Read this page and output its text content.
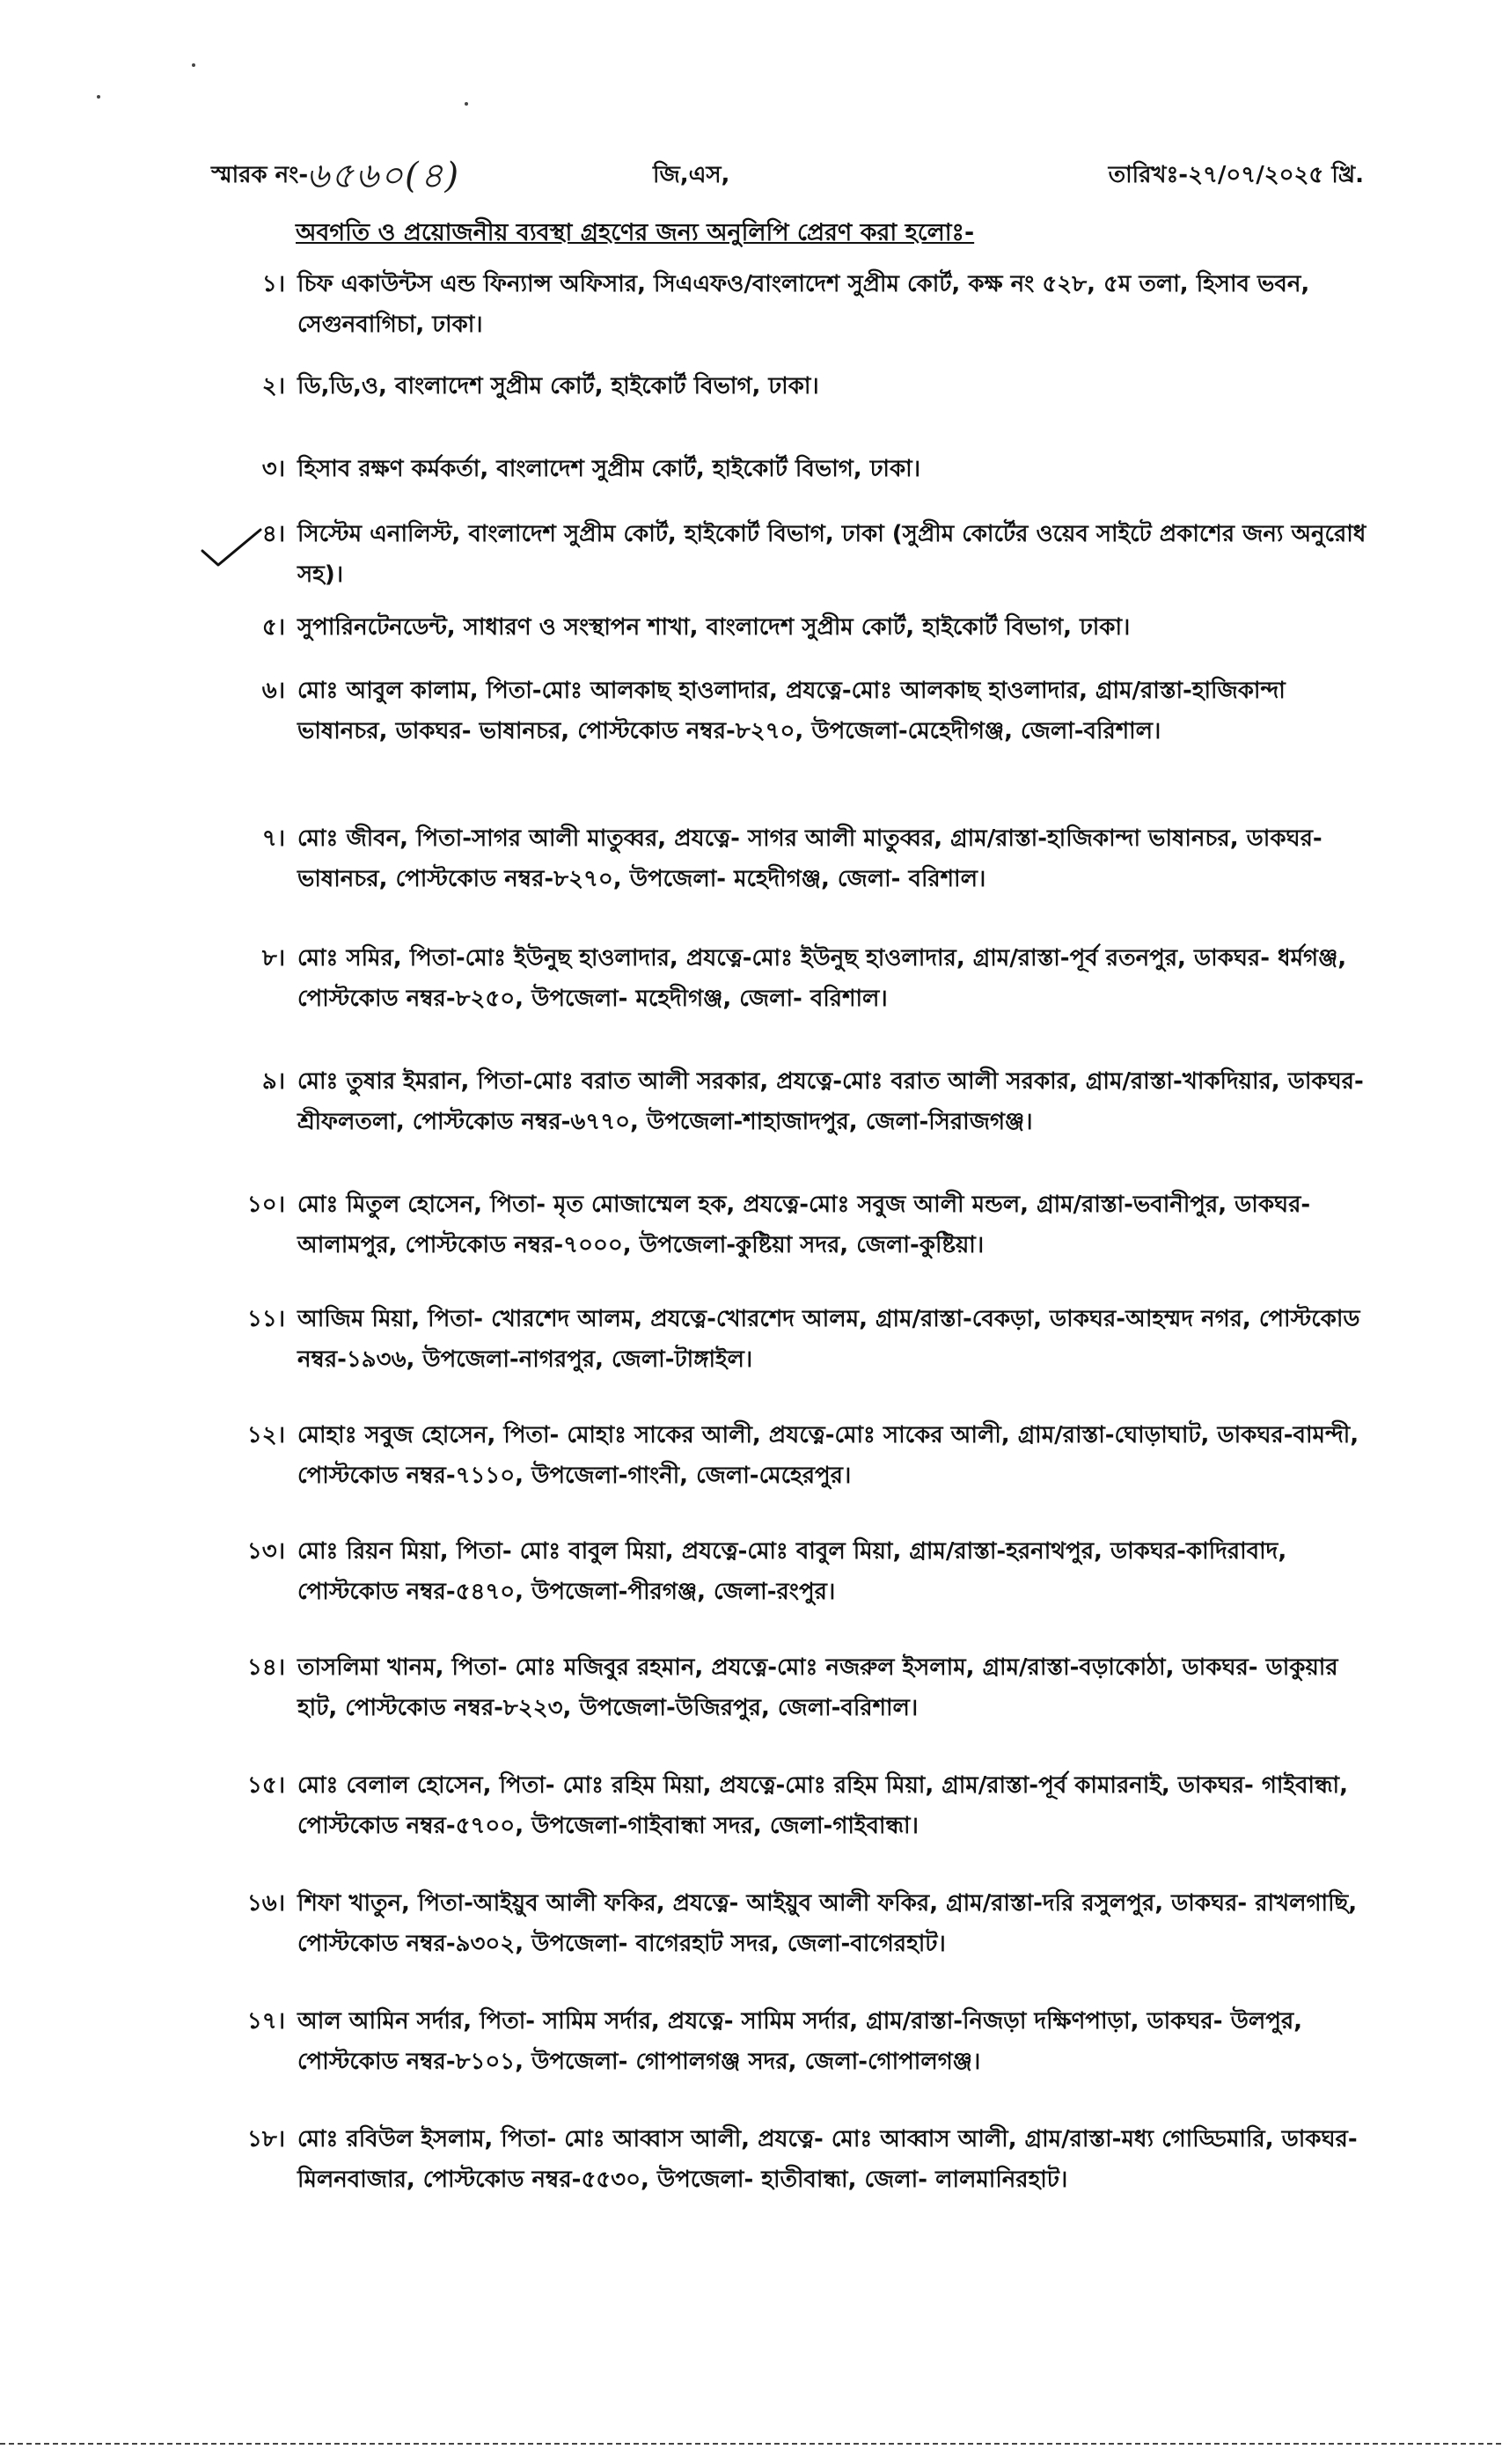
স্মারক নং-
৬৫৬০(৪)	জি,এস,	তারিখঃ-২৭/০৭/২০২৫ খ্রি.
অবগতি ও প্রয়োজনীয় ব্যবস্থা গ্রহণের জন্য অনুলিপি প্রেরণ করা হলোঃ-
১। চিফ একাউন্টস এন্ড ফিন্যান্স অফিসার, সিএএফও/বাংলাদেশ সুপ্রীম কোর্ট, কক্ষ নং ৫২৮, ৫ম তলা, হিসাব ভবন, সেগুনবাগিচা, ঢাকা।
২। ডি,ডি,ও, বাংলাদেশ সুপ্রীম কোর্ট, হাইকোর্ট বিভাগ, ঢাকা।
৩। হিসাব রক্ষণ কর্মকর্তা, বাংলাদেশ সুপ্রীম কোর্ট, হাইকোর্ট বিভাগ, ঢাকা।
৪। সিস্টেম এনালিস্ট, বাংলাদেশ সুপ্রীম কোর্ট, হাইকোর্ট বিভাগ, ঢাকা (সুপ্রীম কোর্টের ওয়েব সাইটে প্রকাশের জন্য অনুরোধ সহ)।
৫। সুপারিনটেনডেন্ট, সাধারণ ও সংস্থাপন শাখা, বাংলাদেশ সুপ্রীম কোর্ট, হাইকোর্ট বিভাগ, ঢাকা।
৬। মোঃ আবুল কালাম, পিতা-মোঃ আলকাছ হাওলাদার, প্রযত্নে-মোঃ আলকাছ হাওলাদার, গ্রাম/রাস্তা-হাজিকান্দা ভাষানচর, ডাকঘর- ভাষানচর, পোস্টকোড নম্বর-৮২৭০, উপজেলা-মেহেদীগঞ্জ, জেলা-বরিশাল।
৭। মোঃ জীবন, পিতা-সাগর আলী মাতুব্বর, প্রযত্নে- সাগর আলী মাতুব্বর, গ্রাম/রাস্তা-হাজিকান্দা ভাষানচর, ডাকঘর- ভাষানচর, পোস্টকোড নম্বর-৮২৭০, উপজেলা- মহেদীগঞ্জ, জেলা- বরিশাল।
৮। মোঃ সমির, পিতা-মোঃ ইউনুছ হাওলাদার, প্রযত্নে-মোঃ ইউনুছ হাওলাদার, গ্রাম/রাস্তা-পূর্ব রতনপুর, ডাকঘর- ধর্মগঞ্জ, পোস্টকোড নম্বর-৮২৫০, উপজেলা- মহেদীগঞ্জ, জেলা- বরিশাল।
৯। মোঃ তুষার ইমরান, পিতা-মোঃ বরাত আলী সরকার, প্রযত্নে-মোঃ বরাত আলী সরকার, গ্রাম/রাস্তা-খাকদিয়ার, ডাকঘর-শ্রীফলতলা, পোস্টকোড নম্বর-৬৭৭০, উপজেলা-শাহাজাদপুর, জেলা-সিরাজগঞ্জ।
১০। মোঃ মিতুল হোসেন, পিতা- মৃত মোজাম্মেল হক, প্রযত্নে-মোঃ সবুজ আলী মন্ডল, গ্রাম/রাস্তা-ভবানীপুর, ডাকঘর-আলামপুর, পোস্টকোড নম্বর-৭০০০, উপজেলা-কুষ্টিয়া সদর, জেলা-কুষ্টিয়া।
১১। আজিম মিয়া, পিতা- খোরশেদ আলম, প্রযত্নে-খোরশেদ আলম, গ্রাম/রাস্তা-বেকড়া, ডাকঘর-আহম্মদ নগর, পোস্টকোড নম্বর-১৯৩৬, উপজেলা-নাগরপুর, জেলা-টাঙ্গাইল।
১২। মোহাঃ সবুজ হোসেন, পিতা- মোহাঃ সাকের আলী, প্রযত্নে-মোঃ সাকের আলী, গ্রাম/রাস্তা-ঘোড়াঘাট, ডাকঘর-বামন্দী, পোস্টকোড নম্বর-৭১১০, উপজেলা-গাংনী, জেলা-মেহেরপুর।
১৩। মোঃ রিয়ন মিয়া, পিতা- মোঃ বাবুল মিয়া, প্রযত্নে-মোঃ বাবুল মিয়া, গ্রাম/রাস্তা-হরনাথপুর, ডাকঘর-কাদিরাবাদ, পোস্টকোড নম্বর-৫৪৭০, উপজেলা-পীরগঞ্জ, জেলা-রংপুর।
১৪। তাসলিমা খানম, পিতা- মোঃ মজিবুর রহমান, প্রযত্নে-মোঃ নজরুল ইসলাম, গ্রাম/রাস্তা-বড়াকোঠা, ডাকঘর- ডাকুয়ার হাট, পোস্টকোড নম্বর-৮২২৩, উপজেলা-উজিরপুর, জেলা-বরিশাল।
১৫। মোঃ বেলাল হোসেন, পিতা- মোঃ রহিম মিয়া, প্রযত্নে-মোঃ রহিম মিয়া, গ্রাম/রাস্তা-পূর্ব কামারনাই, ডাকঘর- গাইবান্ধা, পোস্টকোড নম্বর-৫৭০০, উপজেলা-গাইবান্ধা সদর, জেলা-গাইবান্ধা।
১৬। শিফা খাতুন, পিতা-আইয়ুব আলী ফকির, প্রযত্নে- আইয়ুব আলী ফকির, গ্রাম/রাস্তা-দরি রসুলপুর, ডাকঘর- রাখলগাছি, পোস্টকোড নম্বর-৯৩০২, উপজেলা- বাগেরহাট সদর, জেলা-বাগেরহাট।
১৭। আল আমিন সর্দার, পিতা- সামিম সর্দার, প্রযত্নে- সামিম সর্দার, গ্রাম/রাস্তা-নিজড়া দক্ষিণপাড়া, ডাকঘর- উলপুর, পোস্টকোড নম্বর-৮১০১, উপজেলা- গোপালগঞ্জ সদর, জেলা-গোপালগঞ্জ।
১৮। মোঃ রবিউল ইসলাম, পিতা- মোঃ আব্বাস আলী, প্রযত্নে- মোঃ আব্বাস আলী, গ্রাম/রাস্তা-মধ্য গোড্ডিমারি, ডাকঘর- মিলনবাজার, পোস্টকোড নম্বর-৫৫৩০, উপজেলা- হাতীবান্ধা, জেলা- লালমানিরহাট।
